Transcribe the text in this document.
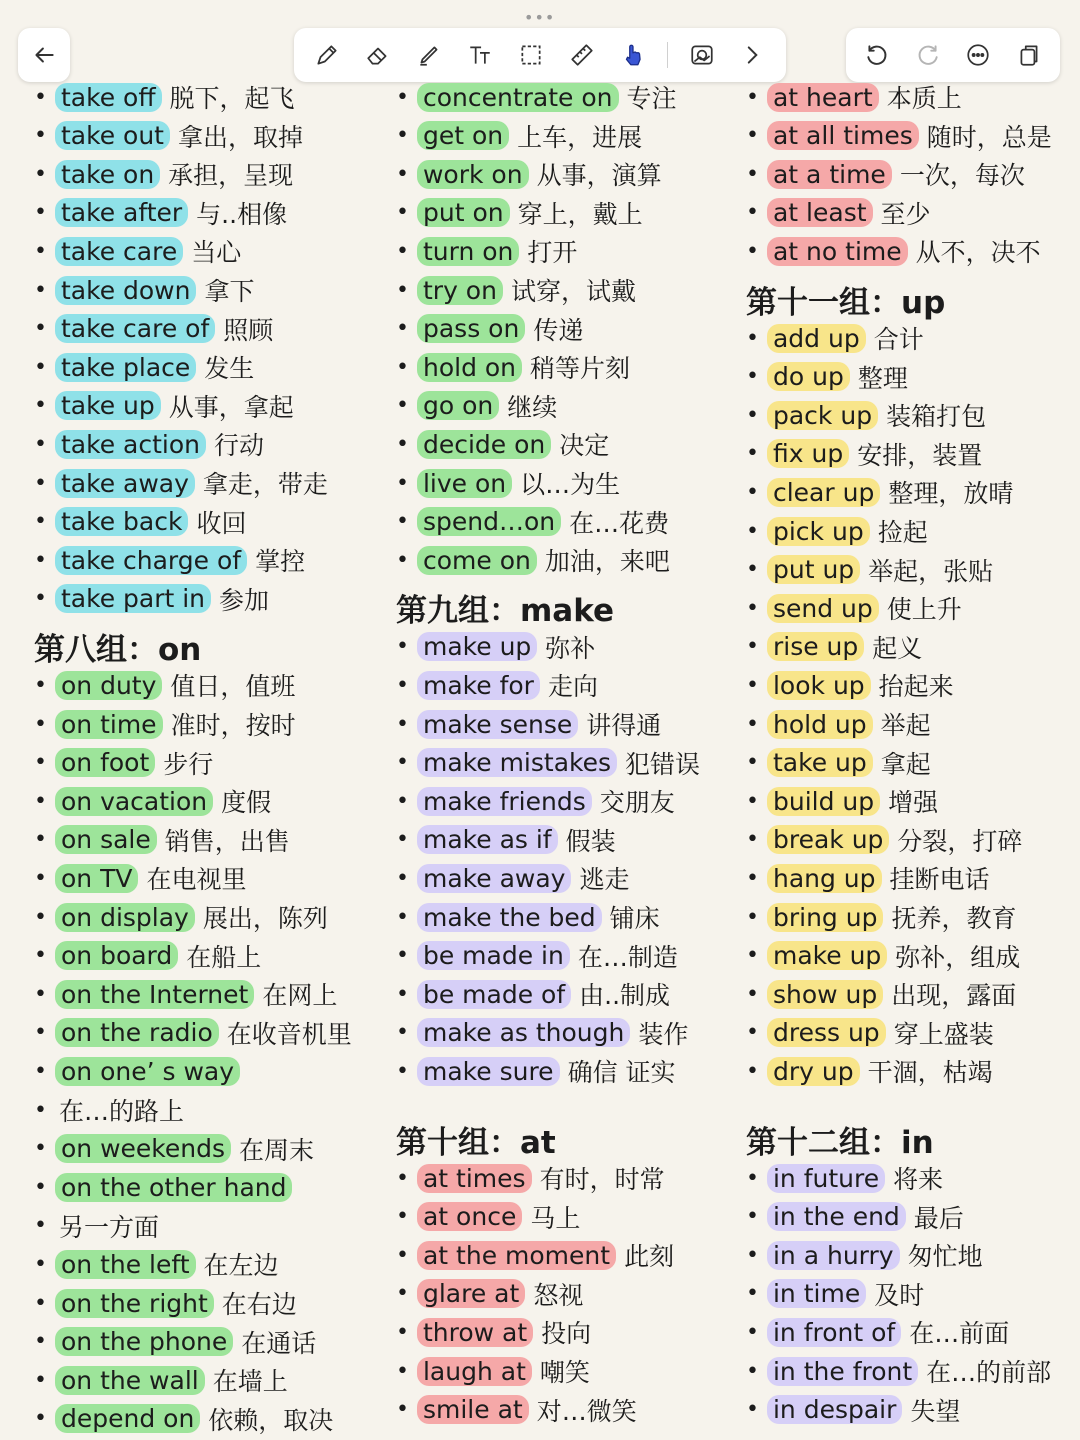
•••
• take off 脱下，起飞
• take out 拿出，取掉
• take on 承担，呈现
• take after 与..相像
• take care 当心
• take down 拿下
• take care of 照顾
• take place 发生
• take up 从事，拿起
• take action 行动
• take away 拿走，带走
• take back 收回
• take charge of 掌控
• take part in 参加
第八组：on
• on duty 值日，值班
• on time 准时，按时
• on foot 步行
• on vacation 度假
• on sale 销售，出售
• on TV 在电视里
• on display 展出，陈列
• on board 在船上
• on the Internet 在网上
• on the radio 在收音机里
• on one’ s way
• 在…的路上
• on weekends 在周末
• on the other hand
• 另一方面
• on the left 在左边
• on the right 在右边
• on the phone 在通话
• on the wall 在墙上
• depend on 依赖，取决
• concentrate on 专注
• get on 上车，进展
• work on 从事，演算
• put on 穿上，戴上
• turn on 打开
• try on 试穿，试戴
• pass on 传递
• hold on 稍等片刻
• go on 继续
• decide on 决定
• live on 以…为生
• spend…on 在…花费
• come on 加油，来吧
第九组：make
• make up 弥补
• make for 走向
• make sense 讲得通
• make mistakes 犯错误
• make friends 交朋友
• make as if 假装
• make away 逃走
• make the bed 铺床
• be made in 在…制造
• be made of 由..制成
• make as though 装作
• make sure 确信 证实
第十组：at
• at times 有时，时常
• at once 马上
• at the moment 此刻
• glare at 怒视
• throw at 投向
• laugh at 嘲笑
• smile at 对…微笑
• at heart 本质上
• at all times 随时，总是
• at a time 一次，每次
• at least 至少
• at no time 从不，决不
第十一组：up
• add up 合计
• do up 整理
• pack up 装箱打包
• fix up 安排，装置
• clear up 整理，放晴
• pick up 捡起
• put up 举起，张贴
• send up 使上升
• rise up 起义
• look up 抬起来
• hold up 举起
• take up 拿起
• build up 增强
• break up 分裂，打碎
• hang up 挂断电话
• bring up 抚养，教育
• make up 弥补，组成
• show up 出现，露面
• dress up 穿上盛装
• dry up 干涸，枯竭
第十二组：in
• in future 将来
• in the end 最后
• in a hurry 匆忙地
• in time 及时
• in front of 在…前面
• in the front 在…的前部
• in despair 失望
